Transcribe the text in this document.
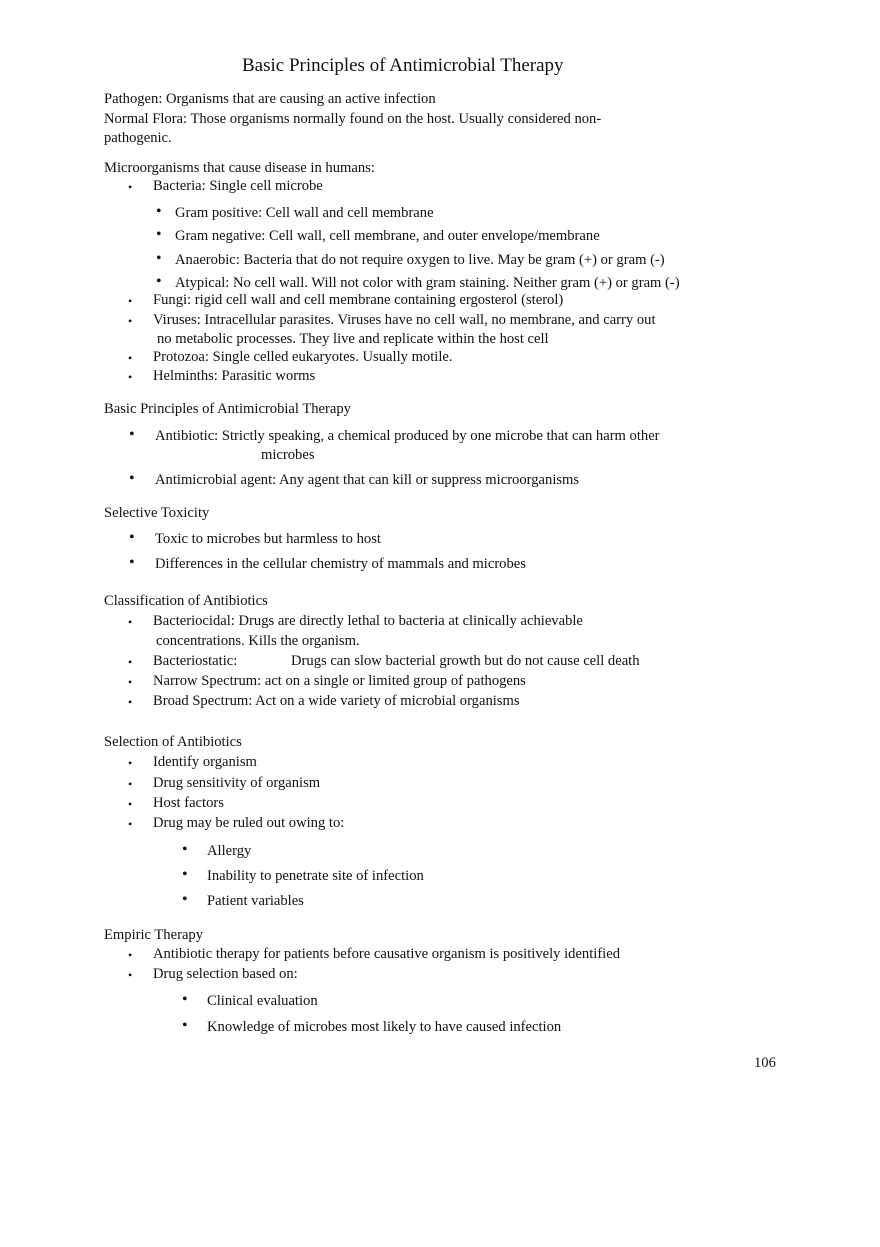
Basic Principles of Antimicrobial Therapy
Pathogen: Organisms that are causing an active infection
Normal Flora: Those organisms normally found on the host. Usually considered non-
pathogenic.
Microorganisms that cause disease in humans:
• Bacteria: Single cell microbe
• Gram positive: Cell wall and cell membrane
• Gram negative: Cell wall, cell membrane, and outer envelope/membrane
• Anaerobic: Bacteria that do not require oxygen to live. May be gram (+) or gram (-)
• Atypical: No cell wall. Will not color with gram staining. Neither gram (+) or gram (-)
• Fungi: rigid cell wall and cell membrane containing ergosterol (sterol)
• Viruses: Intracellular parasites. Viruses have no cell wall, no membrane, and carry out
no metabolic processes. They live and replicate within the host cell
• Protozoa: Single celled eukaryotes. Usually motile.
• Helminths: Parasitic worms
Basic Principles of Antimicrobial Therapy
• Antibiotic: Strictly speaking, a chemical produced by one microbe that can harm other
microbes
• Antimicrobial agent: Any agent that can kill or suppress microorganisms
Selective Toxicity
• Toxic to microbes but harmless to host
• Differences in the cellular chemistry of mammals and microbes
Classification of Antibiotics
• Bacteriocidal: Drugs are directly lethal to bacteria at clinically achievable
concentrations. Kills the organism.
• Bacteriostatic:	Drugs can slow bacterial growth but do not cause cell death
• Narrow Spectrum: act on a single or limited group of pathogens
• Broad Spectrum: Act on a wide variety of microbial organisms
Selection of Antibiotics
• Identify organism
• Drug sensitivity of organism
• Host factors
• Drug may be ruled out owing to:
• Allergy
• Inability to penetrate site of infection
• Patient variables
Empiric Therapy
• Antibiotic therapy for patients before causative organism is positively identified
• Drug selection based on:
• Clinical evaluation
• Knowledge of microbes most likely to have caused infection
106
